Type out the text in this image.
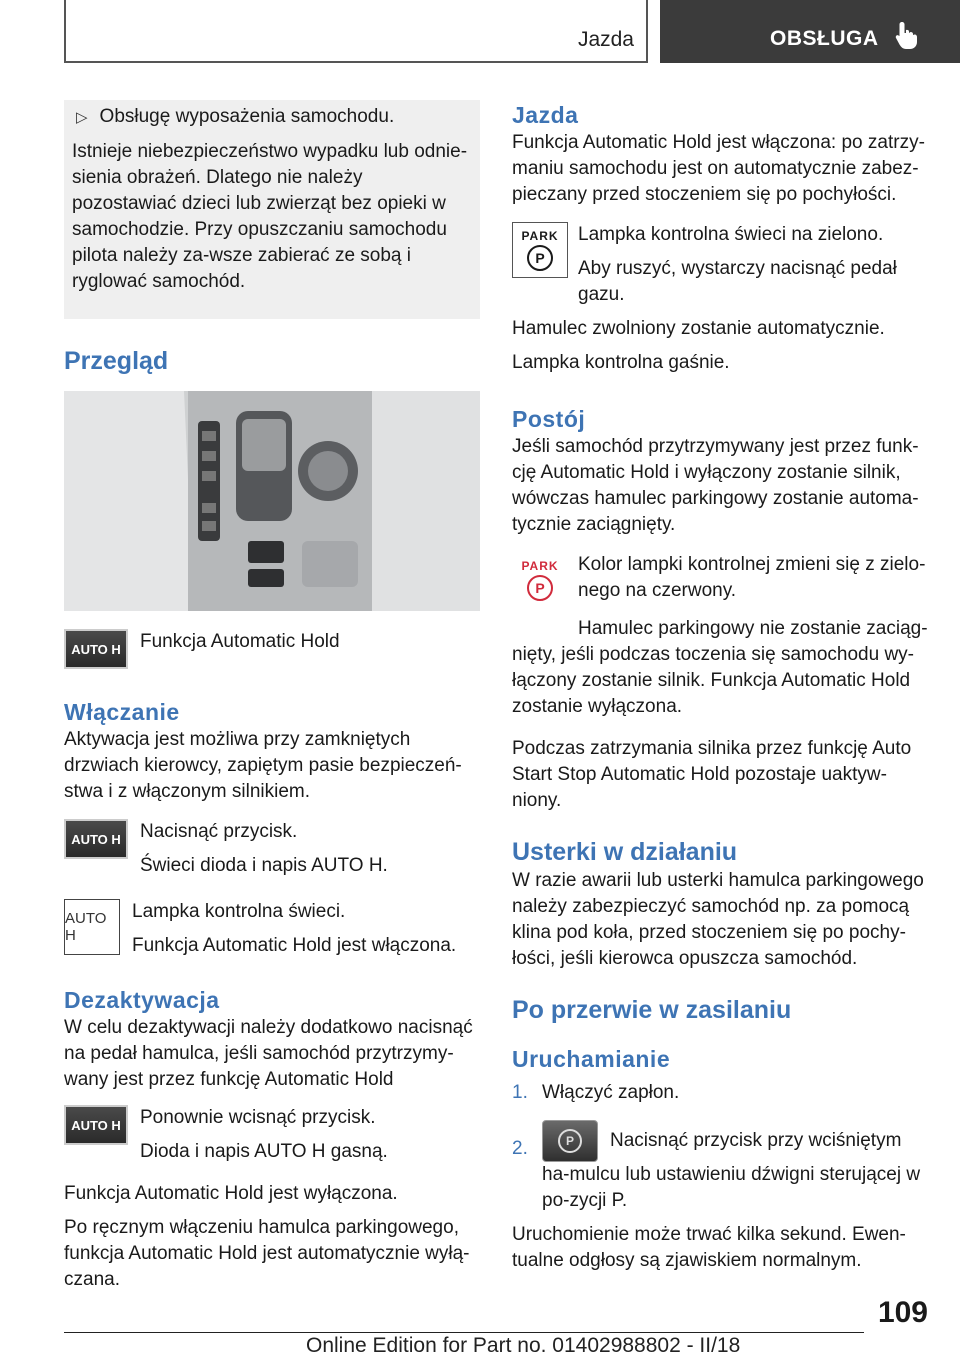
Jazda	OBSŁUGA

▷ Obsługę wyposażenia samochodu.

Istnieje niebezpieczeństwo wypadku lub odnie-sienia obrażeń. Dlatego nie należy pozostawiać dzieci lub zwierząt bez opieki w samochodzie. Przy opuszczaniu samochodu pilota należy za-wsze zabierać ze sobą i ryglować samochód.

Przegląd
AUTO H	Funkcja Automatic Hold

Włączanie

Aktywacja jest możliwa przy zamkniętych drzwiach kierowcy, zapiętym pasie bezpieczeń-stwa i z włączonym silnikiem.

AUTO H	Nacisnąć przycisk.

Świeci dioda i napis AUTO H.

AUTO H

Lampka kontrolna świeci.

Funkcja Automatic Hold jest włączona.

Dezaktywacja

W celu dezaktywacji należy dodatkowo nacisnąć na pedał hamulca, jeśli samochód przytrzymy-wany jest przez funkcję Automatic Hold

AUTO H	Ponownie wcisnąć przycisk.

Dioda i napis AUTO H gasną.

Funkcja Automatic Hold jest wyłączona.

Po ręcznym włączeniu hamulca parkingowego, funkcja Automatic Hold jest automatycznie wyłą-czana.

Jazda

Funkcja Automatic Hold jest włączona: po zatrzy-maniu samochodu jest on automatycznie zabez-pieczany przed stoczeniem się po pochyłości.

PARK
P

Lampka kontrolna świeci na zielono.

Aby ruszyć, wystarczy nacisnąć pedał gazu.

Hamulec zwolniony zostanie automatycznie.

Lampka kontrolna gaśnie.

Postój

Jeśli samochód przytrzymywany jest przez funk-cję Automatic Hold i wyłączony zostanie silnik, wówczas hamulec parkingowy zostanie automa-tycznie zaciągnięty.

PARK
P

Kolor lampki kontrolnej zmieni się z zielo-nego na czerwony.

Hamulec parkingowy nie zostanie zaciąg-nięty, jeśli podczas toczenia się samochodu wy-łączony zostanie silnik. Funkcja Automatic Hold zostanie wyłączona.

Podczas zatrzymania silnika przez funkcję Auto Start Stop Automatic Hold pozostaje uaktyw-niony.

Usterki w działaniu

W razie awarii lub usterki hamulca parkingowego należy zabezpieczyć samochód np. za pomocą klina pod koła, przed stoczeniem się po pochy-łości, jeśli kierowca opuszcza samochód.

Po przerwie w zasilaniu
Uruchamianie
1. Włączyć zapłon.

2.	P	Nacisnąć przycisk przy wciśniętym ha-mulcu lub ustawieniu dźwigni sterującej w po-zycji P.

Uruchomienie może trwać kilka sekund. Ewen-tualne odgłosy są zjawiskiem normalnym.

109
Online Edition for Part no. 01402988802 - II/18
